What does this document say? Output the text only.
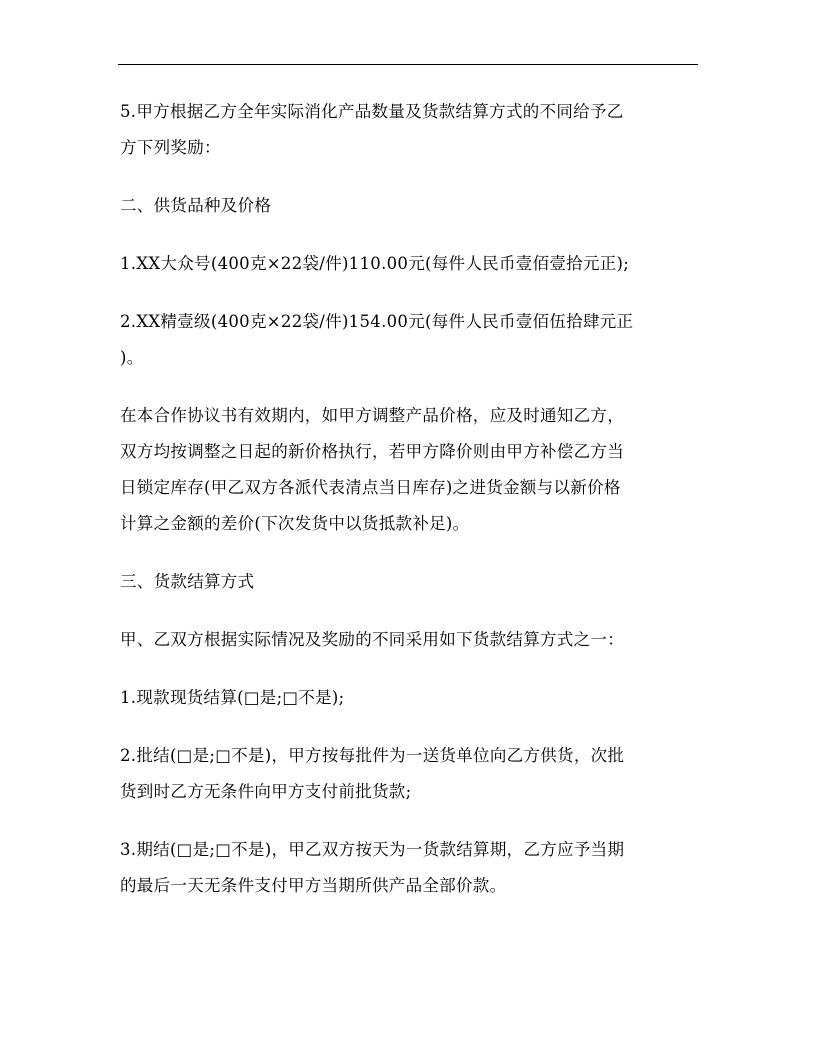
5.甲方根据乙方全年实际消化产品数量及货款结算方式的不同给予乙
方下列奖励：

二、供货品种及价格

1.XX大众号(400克×22袋/件)110.00元(每件人民币壹佰壹拾元正);

2.XX精壹级(400克×22袋/件)154.00元(每件人民币壹佰伍拾肆元正
)。

在本合作协议书有效期内，如甲方调整产品价格，应及时通知乙方，
双方均按调整之日起的新价格执行，若甲方降价则由甲方补偿乙方当
日锁定库存(甲乙双方各派代表清点当日库存)之进货金额与以新价格
计算之金额的差价(下次发货中以货抵款补足)。

三、货款结算方式

甲、乙双方根据实际情况及奖励的不同采用如下货款结算方式之一：

1.现款现货结算(□是;□不是);

2.批结(□是;□不是)，甲方按每批件为一送货单位向乙方供货，次批
货到时乙方无条件向甲方支付前批货款;

3.期结(□是;□不是)，甲乙双方按天为一货款结算期，乙方应予当期
的最后一天无条件支付甲方当期所供产品全部价款。
